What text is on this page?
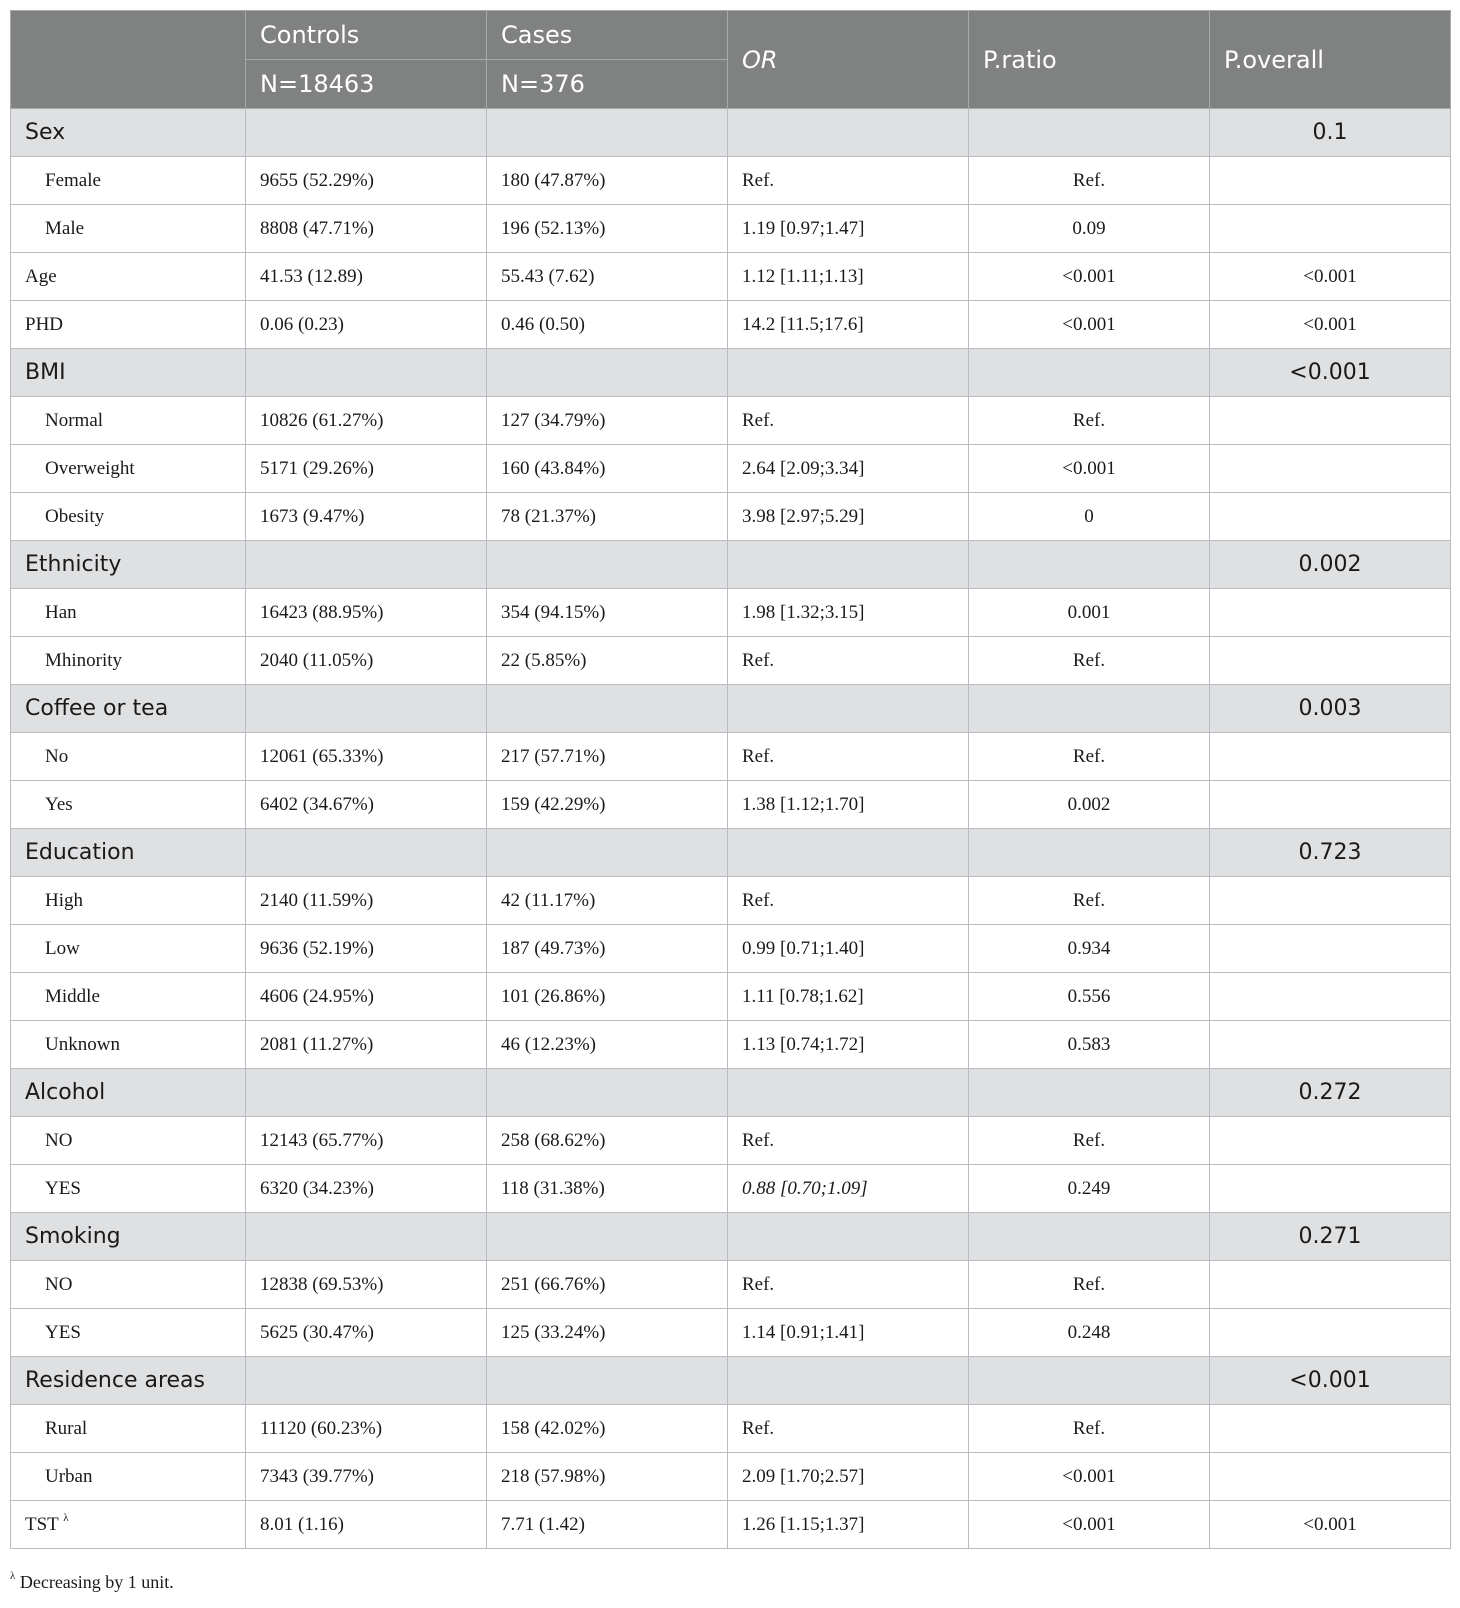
	Controls	Cases	OR	P.ratio	P.overall
	N=18463	N=376			
Sex					0.1
Female	9655 (52.29%)	180 (47.87%)	Ref.	Ref.	
Male	8808 (47.71%)	196 (52.13%)	1.19 [0.97;1.47]	0.09	
Age	41.53 (12.89)	55.43 (7.62)	1.12 [1.11;1.13]	<0.001	<0.001
PHD	0.06 (0.23)	0.46 (0.50)	14.2 [11.5;17.6]	<0.001	<0.001
BMI					<0.001
Normal	10826 (61.27%)	127 (34.79%)	Ref.	Ref.	
Overweight	5171 (29.26%)	160 (43.84%)	2.64 [2.09;3.34]	<0.001	
Obesity	1673 (9.47%)	78 (21.37%)	3.98 [2.97;5.29]	0	
Ethnicity					0.002
Han	16423 (88.95%)	354 (94.15%)	1.98 [1.32;3.15]	0.001	
Mhinority	2040 (11.05%)	22 (5.85%)	Ref.	Ref.	
Coffee or tea					0.003
No	12061 (65.33%)	217 (57.71%)	Ref.	Ref.	
Yes	6402 (34.67%)	159 (42.29%)	1.38 [1.12;1.70]	0.002	
Education					0.723
High	2140 (11.59%)	42 (11.17%)	Ref.	Ref.	
Low	9636 (52.19%)	187 (49.73%)	0.99 [0.71;1.40]	0.934	
Middle	4606 (24.95%)	101 (26.86%)	1.11 [0.78;1.62]	0.556	
Unknown	2081 (11.27%)	46 (12.23%)	1.13 [0.74;1.72]	0.583	
Alcohol					0.272
NO	12143 (65.77%)	258 (68.62%)	Ref.	Ref.	
YES	6320 (34.23%)	118 (31.38%)	0.88 [0.70;1.09]	0.249	
Smoking					0.271
NO	12838 (69.53%)	251 (66.76%)	Ref.	Ref.	
YES	5625 (30.47%)	125 (33.24%)	1.14 [0.91;1.41]	0.248	
Residence areas					<0.001
Rural	11120 (60.23%)	158 (42.02%)	Ref.	Ref.	
Urban	7343 (39.77%)	218 (57.98%)	2.09 [1.70;2.57]	<0.001	
TST $^\lambda$	8.01 (1.16)	7.71 (1.42)	1.26 [1.15;1.37]	<0.001	<0.001
$^\lambda$ Decreasing by 1 unit.
